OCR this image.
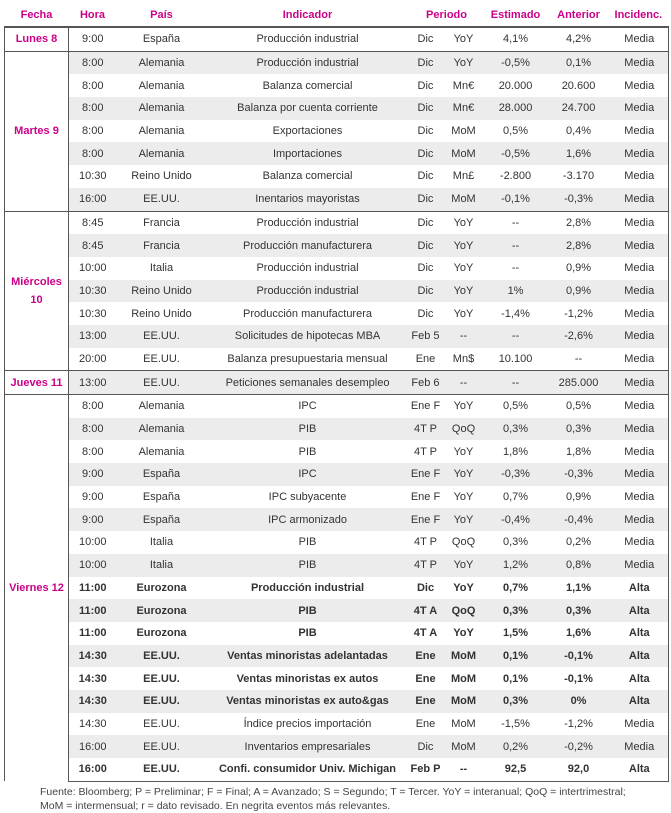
Fecha	Hora	País	Indicador	Periodo		Estimado	Anterior	Incidenc.
Lunes 8	9:00	España	Producción industrial	Dic	YoY	4,1%	4,2%	Media
Martes 9	8:00	Alemania	Producción industrial	Dic	YoY	-0,5%	0,1%	Media
	8:00	Alemania	Balanza comercial	Dic	Mn€	20.000	20.600	Media
	8:00	Alemania	Balanza por cuenta corriente	Dic	Mn€	28.000	24.700	Media
	8:00	Alemania	Exportaciones	Dic	MoM	0,5%	0,4%	Media
	8:00	Alemania	Importaciones	Dic	MoM	-0,5%	1,6%	Media
	10:30	Reino Unido	Balanza comercial	Dic	Mn£	-2.800	-3.170	Media
	16:00	EE.UU.	Inentarios mayoristas	Dic	MoM	-0,1%	-0,3%	Media
Miércoles 10	8:45	Francia	Producción industrial	Dic	YoY	--	2,8%	Media
	8:45	Francia	Producción manufacturera	Dic	YoY	--	2,8%	Media
	10:00	Italia	Producción industrial	Dic	YoY	--	0,9%	Media
	10:30	Reino Unido	Producción industrial	Dic	YoY	1%	0,9%	Media
	10:30	Reino Unido	Producción manufacturera	Dic	YoY	-1,4%	-1,2%	Media
	13:00	EE.UU.	Solicitudes de hipotecas MBA	Feb 5	--	--	-2,6%	Media
	20:00	EE.UU.	Balanza presupuestaria mensual	Ene	Mn$	10.100	--	Media
Jueves 11	13:00	EE.UU.	Peticiones semanales desempleo	Feb 6	--	--	285.000	Media
Viernes 12	8:00	Alemania	IPC	Ene F	YoY	0,5%	0,5%	Media
	8:00	Alemania	PIB	4T P	QoQ	0,3%	0,3%	Media
	8:00	Alemania	PIB	4T P	YoY	1,8%	1,8%	Media
	9:00	España	IPC	Ene F	YoY	-0,3%	-0,3%	Media
	9:00	España	IPC subyacente	Ene F	YoY	0,7%	0,9%	Media
	9:00	España	IPC armonizado	Ene F	YoY	-0,4%	-0,4%	Media
	10:00	Italia	PIB	4T P	QoQ	0,3%	0,2%	Media
	10:00	Italia	PIB	4T P	YoY	1,2%	0,8%	Media
	11:00	Eurozona	Producción industrial	Dic	YoY	0,7%	1,1%	Alta
	11:00	Eurozona	PIB	4T A	QoQ	0,3%	0,3%	Alta
	11:00	Eurozona	PIB	4T A	YoY	1,5%	1,6%	Alta
	14:30	EE.UU.	Ventas minoristas adelantadas	Ene	MoM	0,1%	-0,1%	Alta
	14:30	EE.UU.	Ventas minoristas ex autos	Ene	MoM	0,1%	-0,1%	Alta
	14:30	EE.UU.	Ventas minoristas ex auto&gas	Ene	MoM	0,3%	0%	Alta
	14:30	EE.UU.	Índice precios importación	Ene	MoM	-1,5%	-1,2%	Media
	16:00	EE.UU.	Inventarios empresariales	Dic	MoM	0,2%	-0,2%	Media
	16:00	EE.UU.	Confi. consumidor Univ. Michigan	Feb P	--	92,5	92,0	Alta
Fuente: Bloomberg; P = Preliminar; F = Final; A = Avanzado; S = Segundo; T = Tercer. YoY = interanual; QoQ = intertrimestral; MoM = intermensual; r = dato revisado. En negrita eventos más relevantes.
